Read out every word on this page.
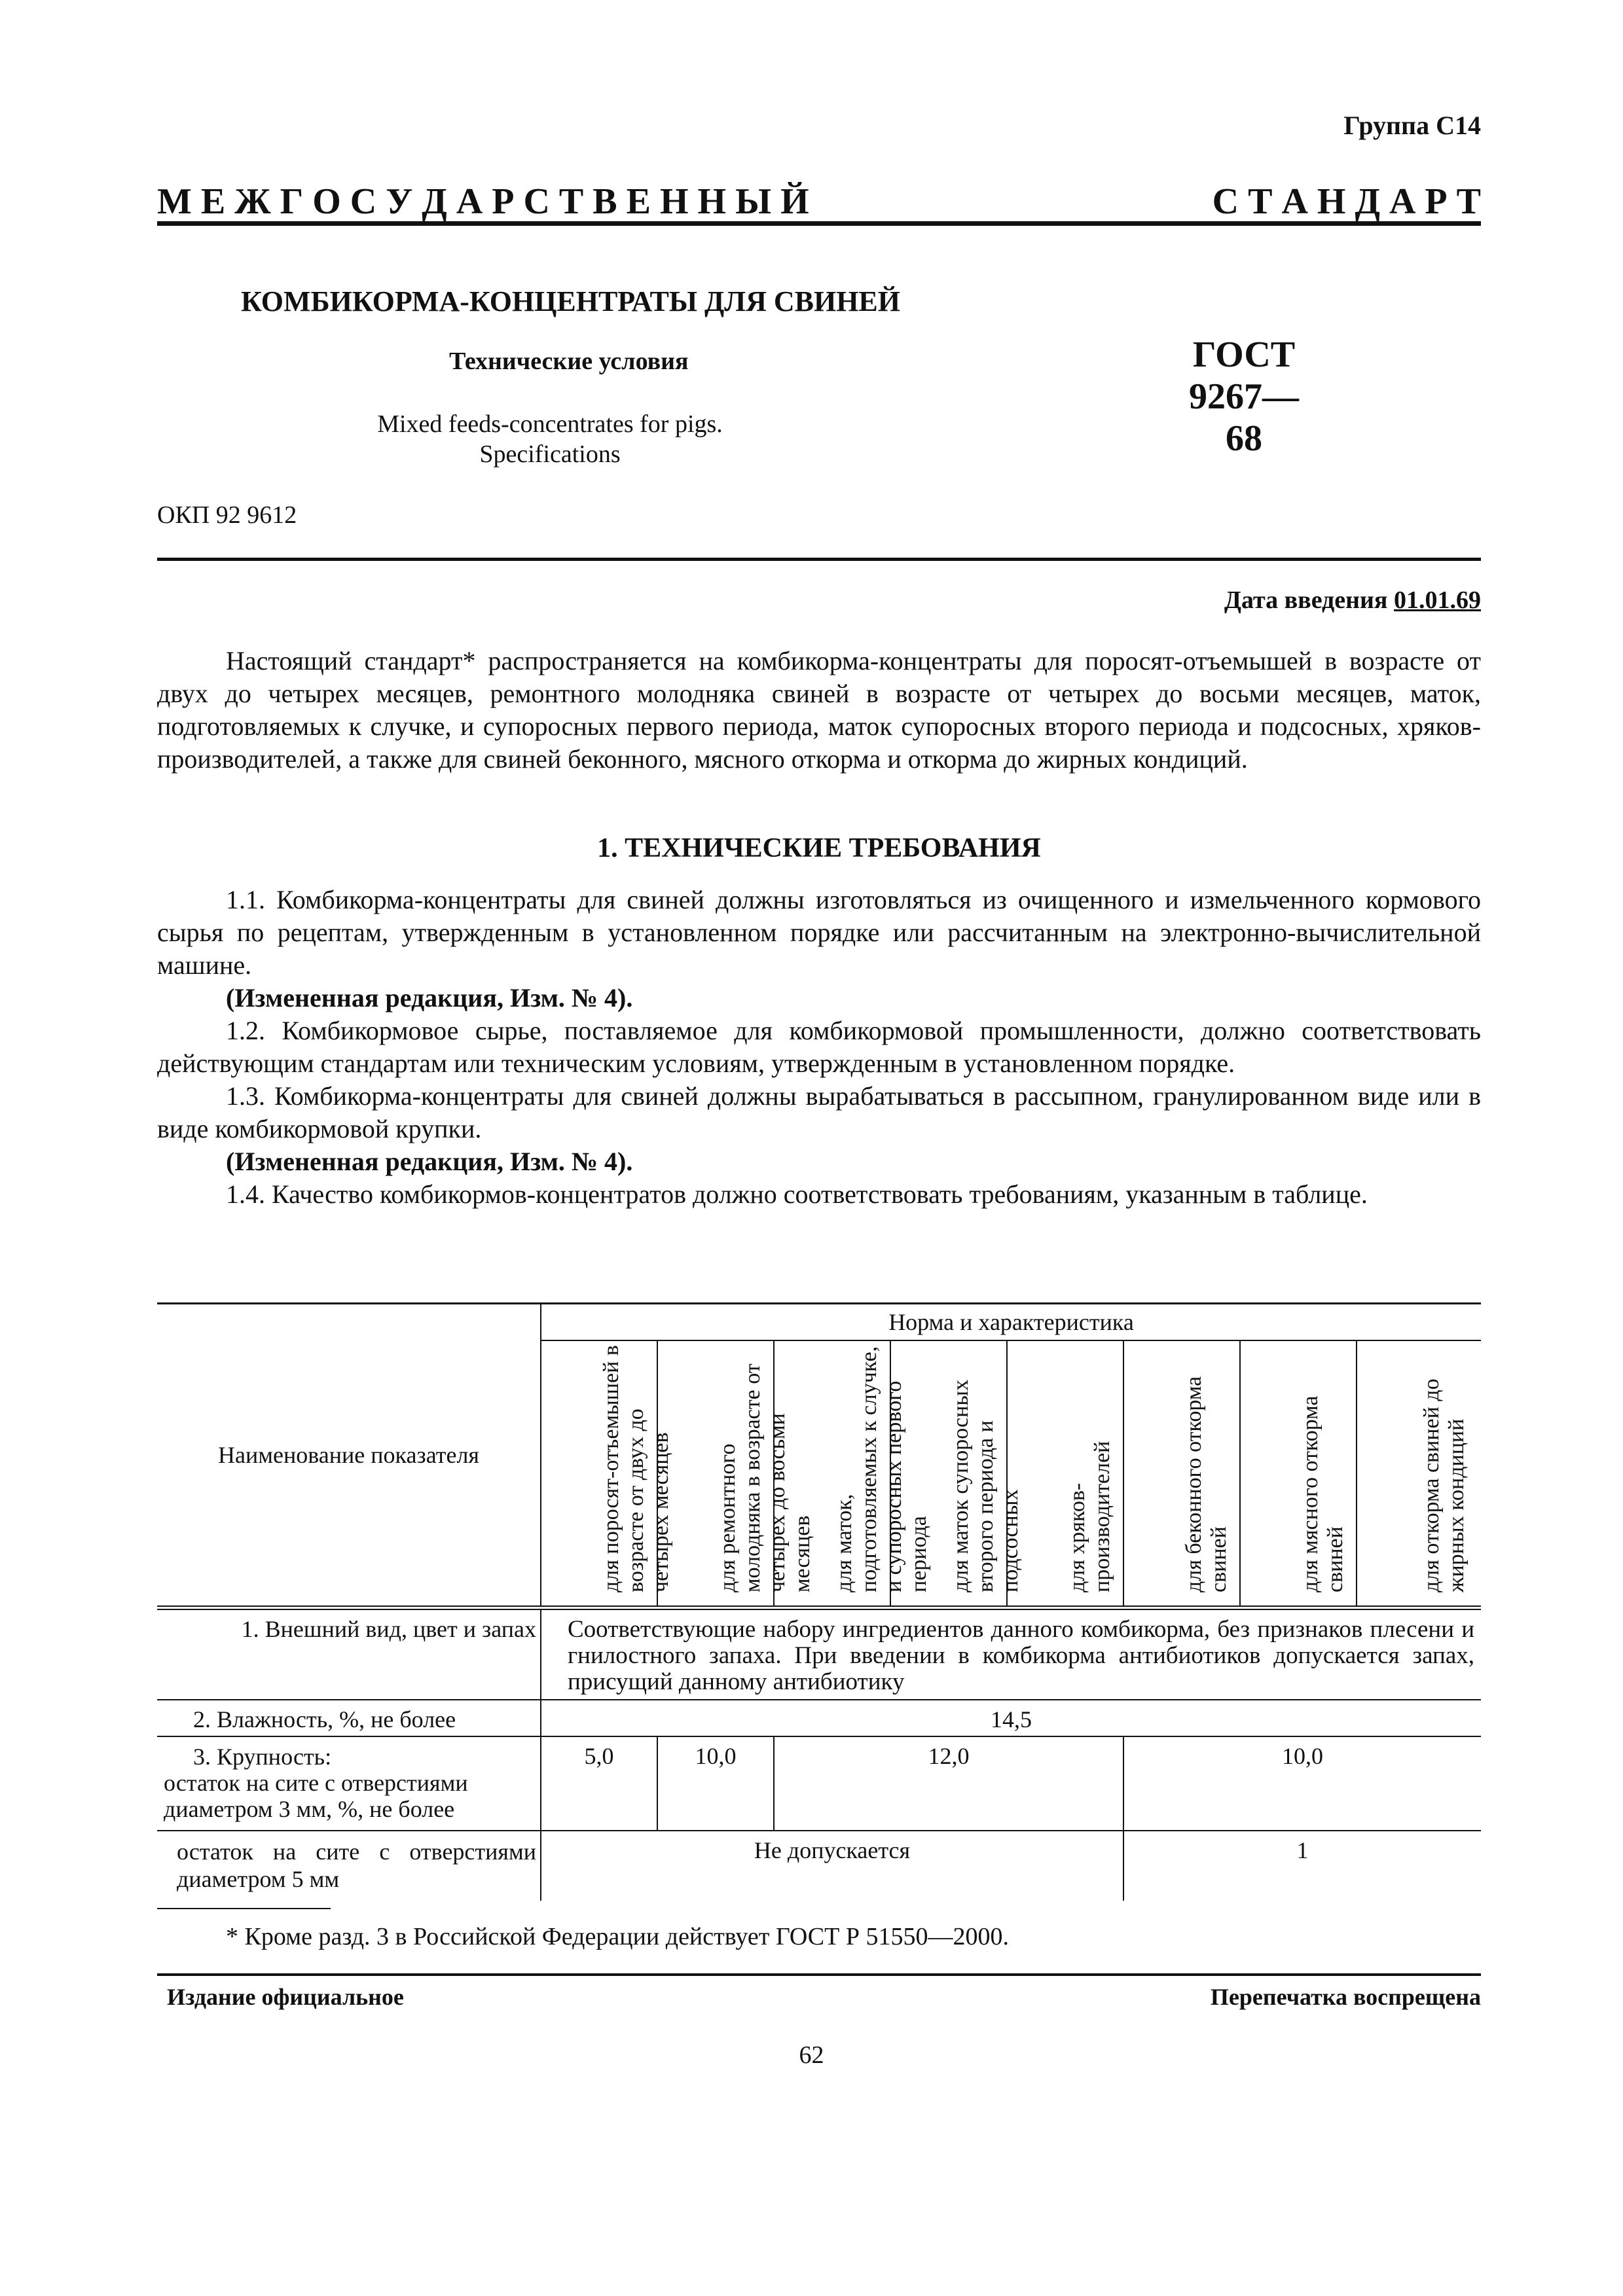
Группа С14
М Е Ж Г О С У Д А Р С Т В Е Н Н Ы Й	С Т А Н Д А Р Т
КОМБИКОРМА-КОНЦЕНТРАТЫ ДЛЯ СВИНЕЙ
Технические условия	ГОСТ
9267—68
Mixed feeds-concentrates for pigs.
Specifications
ОКП 92 9612
Дата введения 01.01.69
Настоящий стандарт* распространяется на комбикорма-концентраты для поросят-отъемышей в возрасте от двух до четырех месяцев, ремонтного молодняка свиней в возрасте от четырех до восьми месяцев, маток, подготовляемых к случке, и супоросных первого периода, маток супоросных второго периода и подсосных, хряков-производителей, а также для свиней беконного, мясного откорма и откорма до жирных кондиций.
1. ТЕХНИЧЕСКИЕ ТРЕБОВАНИЯ
1.1. Комбикорма-концентраты для свиней должны изготовляться из очищенного и измельченного кормового сырья по рецептам, утвержденным в установленном порядке или рассчитанным на электронно-вычислительной машине.
(Измененная редакция, Изм. № 4).
1.2. Комбикормовое сырье, поставляемое для комбикормовой промышленности, должно соответствовать действующим стандартам или техническим условиям, утвержденным в установленном порядке.
1.3. Комбикорма-концентраты для свиней должны вырабатываться в рассыпном, гранулированном виде или в виде комбикормовой крупки.
(Измененная редакция, Изм. № 4).
1.4. Качество комбикормов-концентратов должно соответствовать требованиям, указанным в таблице.
Наименование показателя	Норма и характеристика							

	для поросят-отъемышей в возрасте от двух до четырех месяцев	для ремонтного молодняка в возрасте от четырех до восьми месяцев	для маток, подготовляемых к случке, и супоросных первого периода	для маток супоросных второго периода и подсосных	для хряков-производителей	для беконного откорма свиней	для мясного откорма свиней	для откорма свиней до жирных кондиций

1. Внешний вид, цвет и запах	Соответствующие набору ингредиентов данного комбикорма, без признаков плесени и гнилостного запаха. При введении в комбикорма антибиотиков допускается запах, присущий данному антибиотику							
2. Влажность, %, не более	14,5							

3. Крупность:
остаток на сите с отверстиями диаметром 3 мм, %, не более	5,0	10,0	12,0			10,0		
остаток на сите с отверстиями диаметром 5 мм	Не допускается					1		
* Кроме разд. 3 в Российской Федерации действует ГОСТ Р 51550—2000.
Издание официальное	Перепечатка воспрещена
62
